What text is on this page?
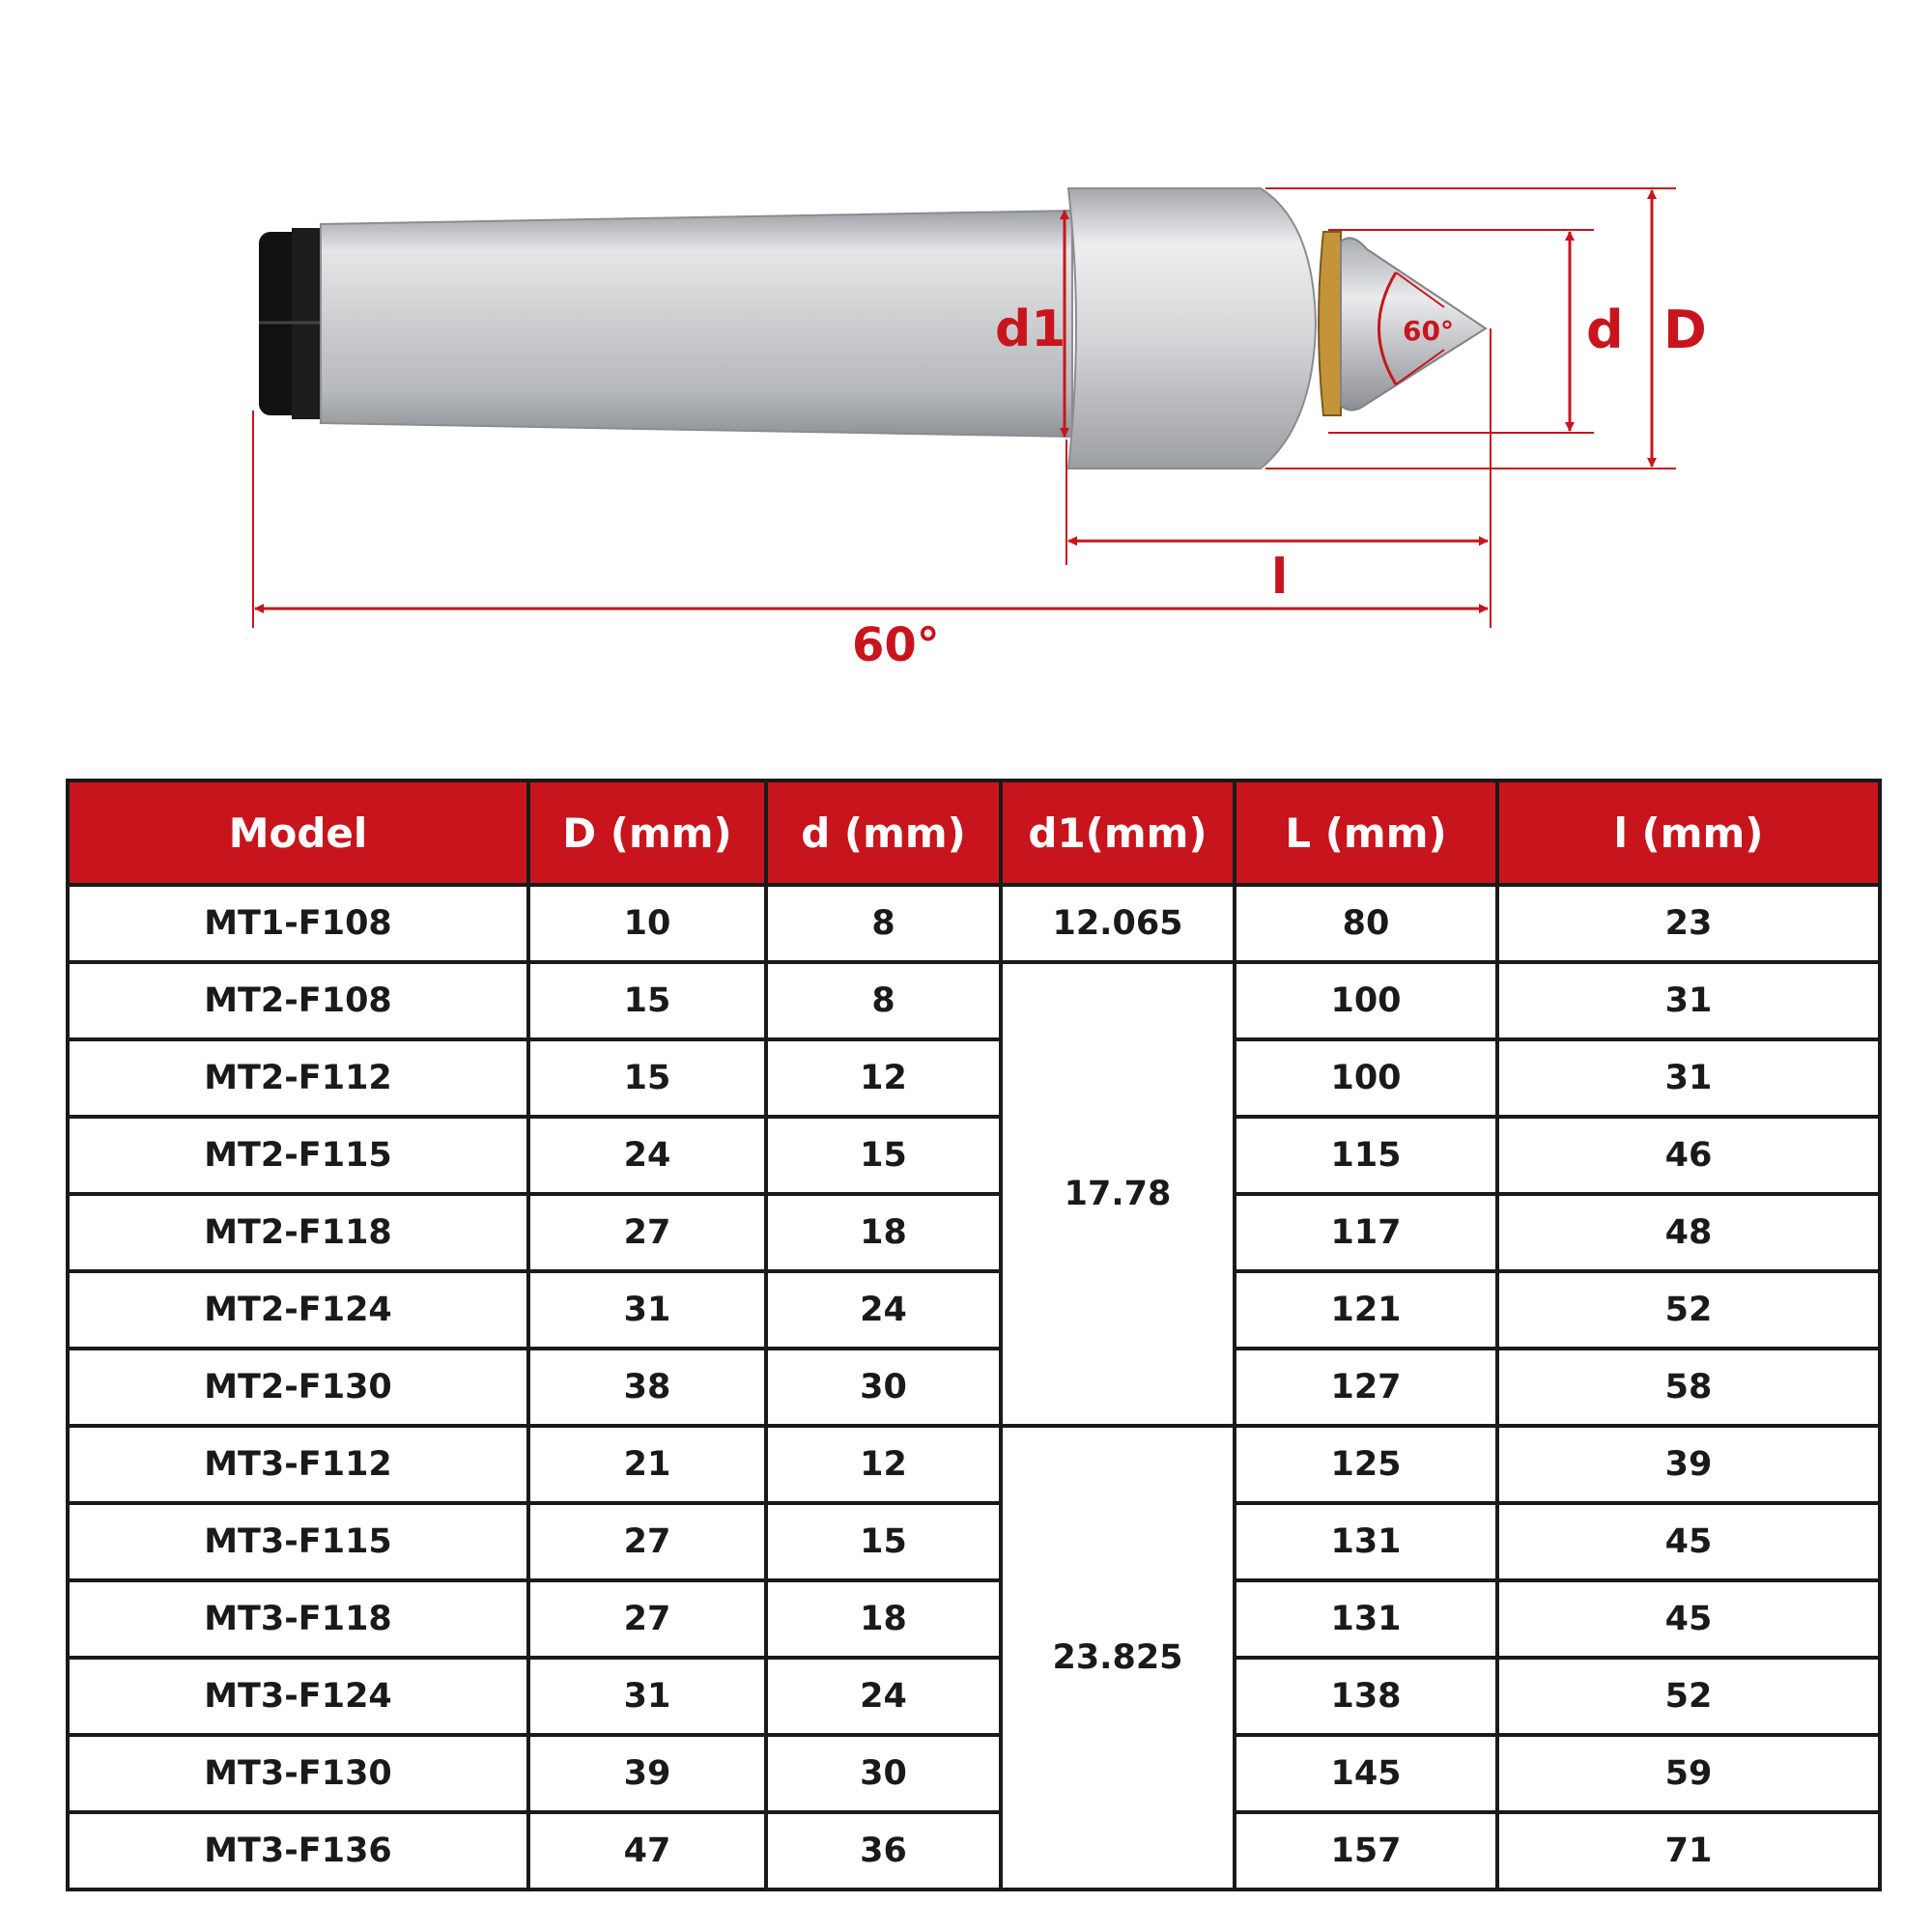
60°
d1	d D
l
60°
Model	D (mm)	d (mm)	d1(mm)	L (mm)	l (mm)
MT1-F108	10	8	12.065	80	23
MT2-F108	15	8	17.78	100	31
MT2-F112	15	12		100	31
MT2-F115	24	15		115	46
MT2-F118	27	18		117	48
MT2-F124	31	24		121	52
MT2-F130	38	30		127	58
MT3-F112	21	12	23.825	125	39
MT3-F115	27	15		131	45
MT3-F118	27	18		131	45
MT3-F124	31	24		138	52
MT3-F130	39	30		145	59
MT3-F136	47	36		157	71
